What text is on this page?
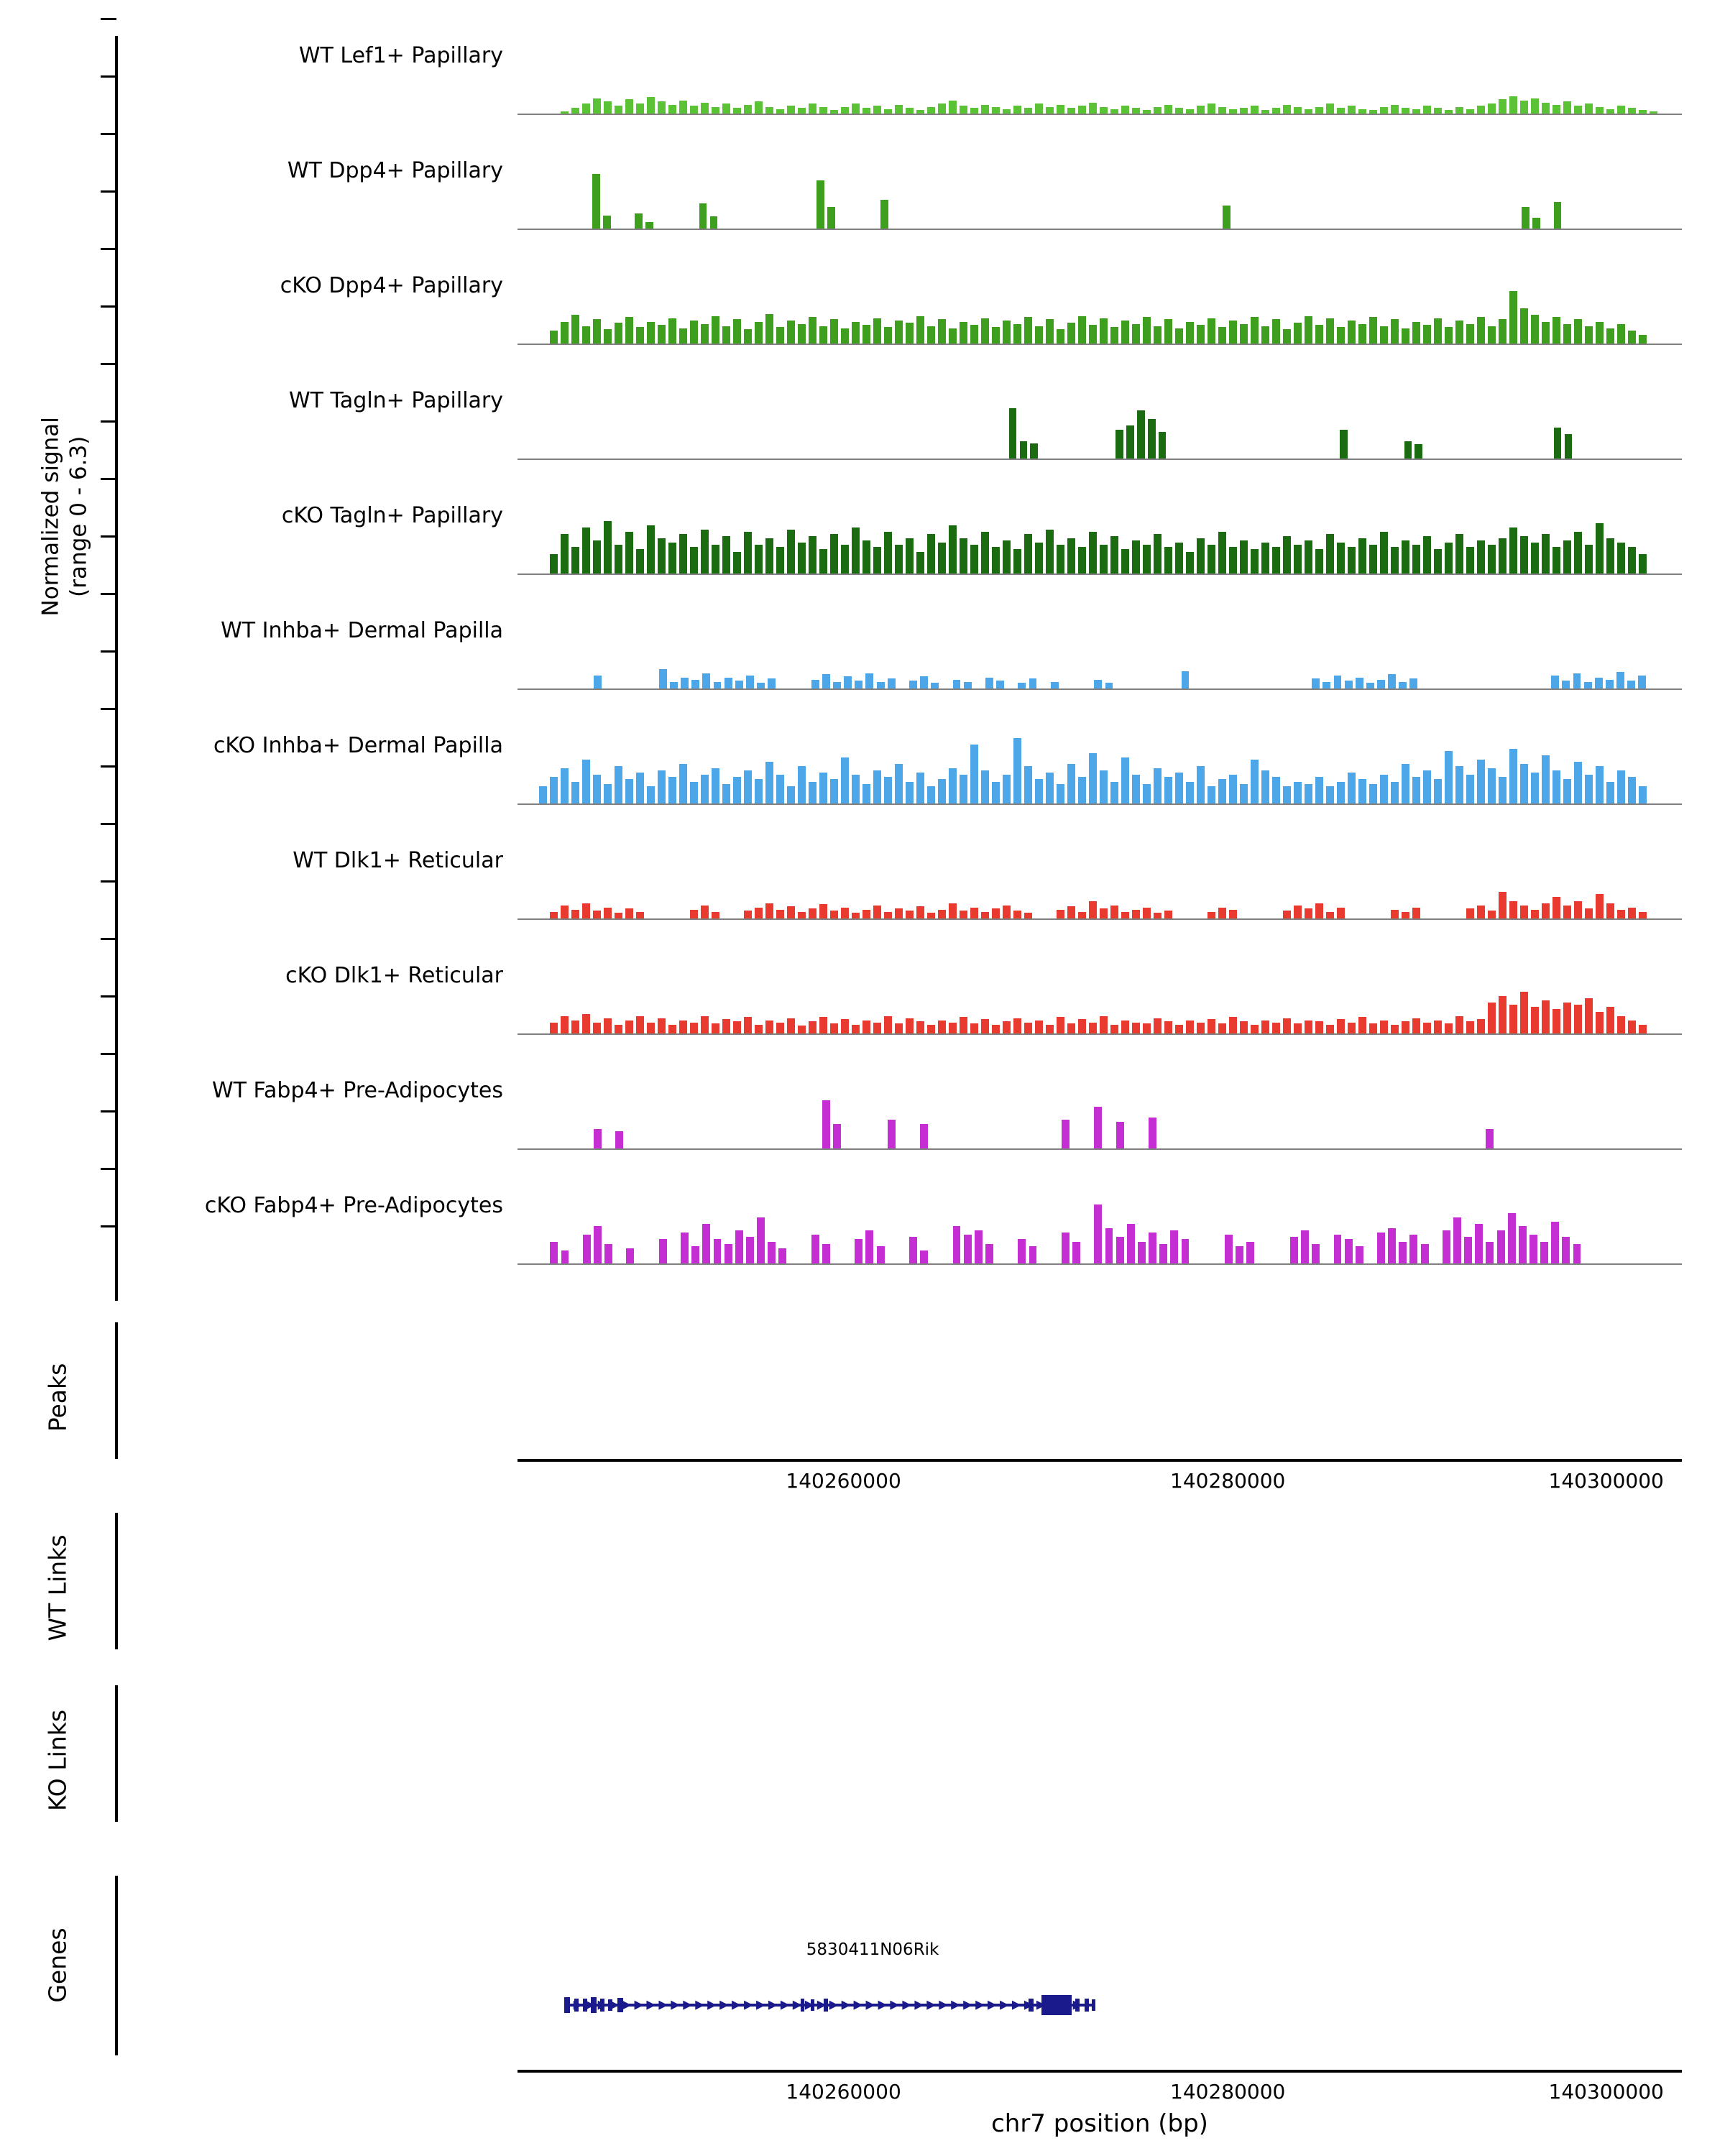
Normalized signal (range 0 - 6.3)
WT Lef1+ Papillary
WT Dpp4+ Papillary
cKO Dpp4+ Papillary
WT Tagln+ Papillary
cKO Tagln+ Papillary
WT Inhba+ Dermal Papilla
cKO Inhba+ Dermal Papilla
WT Dlk1+ Reticular
cKO Dlk1+ Reticular
WT Fabp4+ Pre-Adipocytes
cKO Fabp4+ Pre-Adipocytes
Peaks
140260000	140280000	140300000
WT Links
KO Links
Genes	5830411N06Rik
▶ ▶ ▶ ▶ ▶ ▶ ▶ ▶ ▶ ▶ ▶ ▶ ▶ ▶ ▶ ▶ ▶ ▶ ▶ ▶ ▶ ▶ ▶ ▶ ▶ ▶ ▶ ▶ ▶ ▶ ▶ ▶ ▶ ▶ ▶ ▶ ▶ ▶ ▶ ▶ ▶ ▶
140260000	140280000	140300000
chr7 position (bp)
